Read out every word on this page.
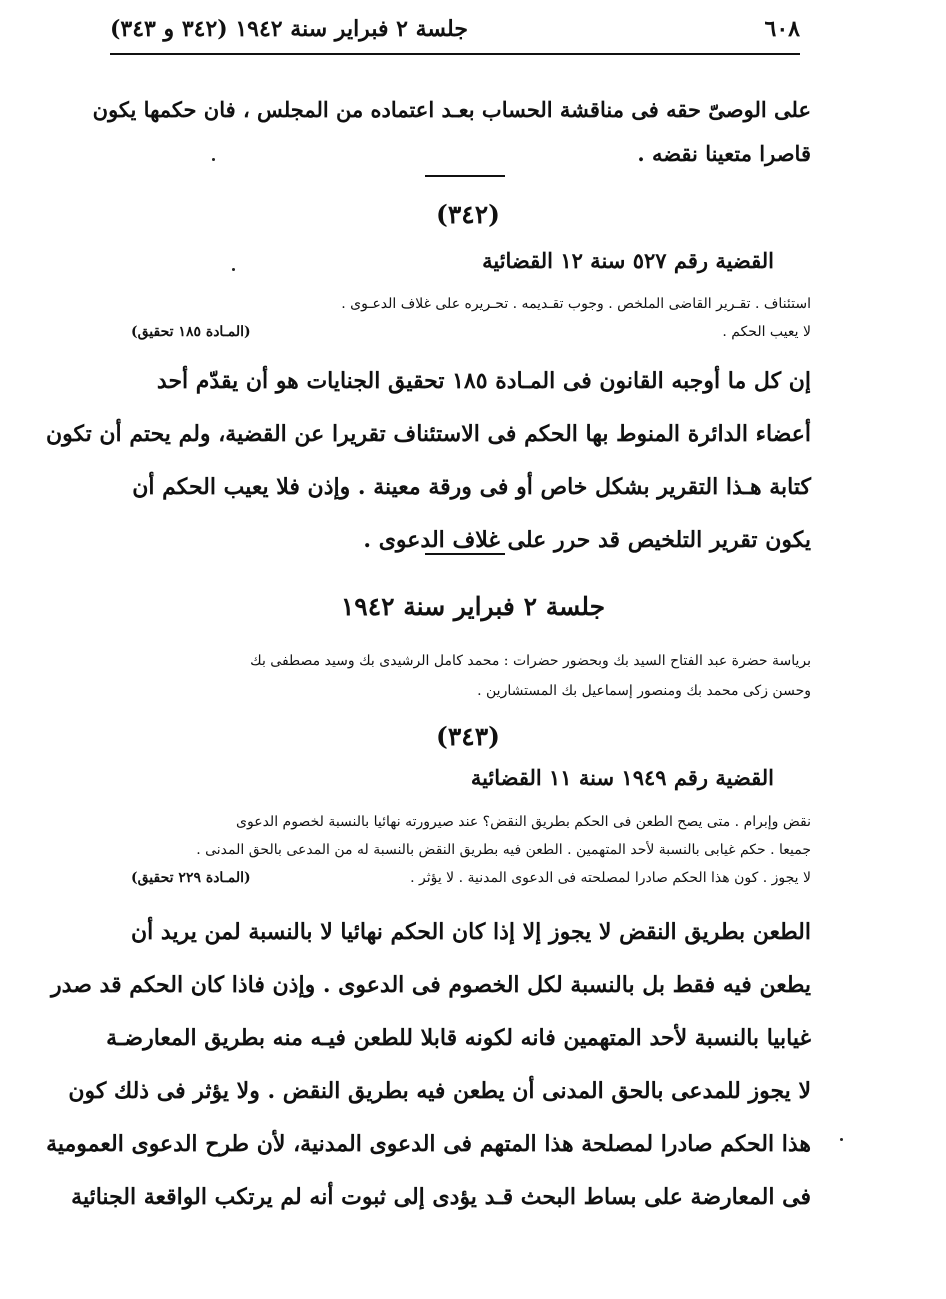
٦٠٨
جلسة ٢ فبراير سنة ١٩٤٢ (٣٤٢ و ٣٤٣)
على الوصىّ حقه فى مناقشة الحساب بعـد اعتماده من المجلس ، فان حكمها يكون
قاصرا متعينا نقضه .
(٣٤٢)
القضية رقم ٥٢٧ سنة ١٢ القضائية
استئناف . تقـرير القاضى الملخص . وجوب تقـديمه . تحـريره على غلاف الدعـوى .
لا يعيب الحكم .
(المـادة ١٨٥ تحقيق)
إن كل ما أوجبه القانون فى المـادة ١٨٥ تحقيق الجنايات هو أن يقدّم أحد
أعضاء الدائرة المنوط بها الحكم فى الاستئناف تقريرا عن القضية، ولم يحتم أن تكون
كتابة هـذا التقرير بشكل خاص أو فى ورقة معينة . وإذن فلا يعيب الحكم أن
يكون تقرير التلخيص قد حرر على غلاف الدعوى .
جلسة ٢ فبراير سنة ١٩٤٢
برياسة حضرة عبد الفتاح السيد بك وبحضور حضرات : محمد كامل الرشيدى بك وسيد مصطفى بك
وحسن زكى محمد بك ومنصور إسماعيل بك المستشارين .
(٣٤٣)
القضية رقم ١٩٤٩ سنة ١١ القضائية
نقض وإبرام . متى يصح الطعن فى الحكم بطريق النقض؟ عند صيرورته نهائيا بالنسبة لخصوم الدعوى
جميعا . حكم غيابى بالنسبة لأحد المتهمين . الطعن فيه بطريق النقض بالنسبة له من المدعى بالحق المدنى .
لا يجوز . كون هذا الحكم صادرا لمصلحته فى الدعوى المدنية . لا يؤثر .
(المـادة ٢٢٩ تحقيق)
الطعن بطريق النقض لا يجوز إلا إذا كان الحكم نهائيا لا بالنسبة لمن يريد أن
يطعن فيه فقط بل بالنسبة لكل الخصوم فى الدعوى . وإذن فاذا كان الحكم قد صدر
غيابيا بالنسبة لأحد المتهمين فانه لكونه قابلا للطعن فيـه منه بطريق المعارضـة
لا يجوز للمدعى بالحق المدنى أن يطعن فيه بطريق النقض . ولا يؤثر فى ذلك كون
هذا الحكم صادرا لمصلحة هذا المتهم فى الدعوى المدنية، لأن طرح الدعوى العمومية
فى المعارضة على بساط البحث قـد يؤدى إلى ثبوت أنه لم يرتكب الواقعة الجنائية
